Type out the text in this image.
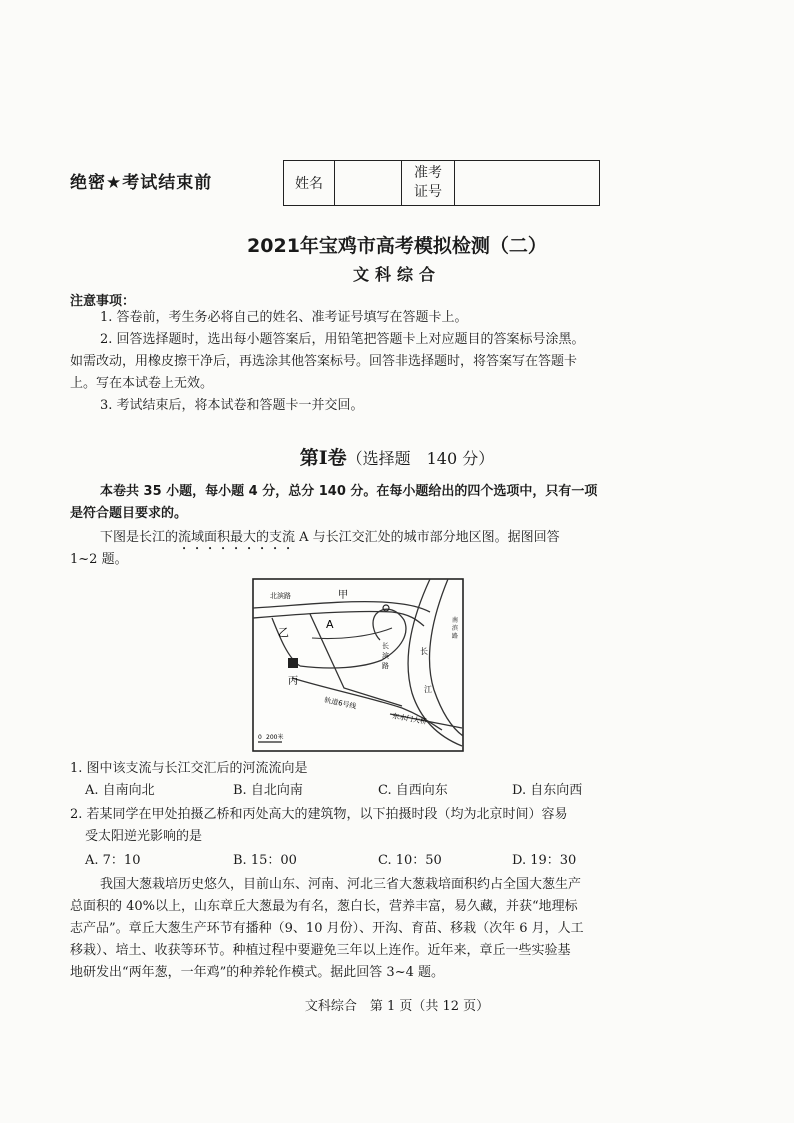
绝密★考试结束前	姓名		准考
证号	
2021年宝鸡市高考模拟检测（二）
文科综合
注意事项：
1. 答卷前，考生务必将自己的姓名、准考证号填写在答题卡上。
2. 回答选择题时，选出每小题答案后，用铅笔把答题卡上对应题目的答案标号涂黑。
如需改动，用橡皮擦干净后，再选涂其他答案标号。回答非选择题时，将答案写在答题卡
上。写在本试卷上无效。
3. 考试结束后，将本试卷和答题卡一并交回。
第Ⅰ卷（选择题　140 分）
本卷共 35 小题，每小题 4 分，总分 140 分。在每小题给出的四个选项中，只有一项
是符合题目要求的。
下图是长江的流域面积最大的支流 A 与长江交汇处的城市部分地区图。据图回答
1~2 题。
北滨路	甲
乙
A
丙
长
滨
路
长
江
南
滨
路
轨道6号线
东水门大桥
0 200米
1. 图中该支流与长江交汇后的河流流向是
A. 自南向北	B. 自北向南	C. 自西向东	D. 自东向西
2. 若某同学在甲处拍摄乙桥和丙处高大的建筑物，以下拍摄时段（均为北京时间）容易
受太阳逆光影响的是
A. 7：10	B. 15：00	C. 10：50	D. 19：30
我国大葱栽培历史悠久，目前山东、河南、河北三省大葱栽培面积约占全国大葱生产
总面积的 40%以上，山东章丘大葱最为有名，葱白长，营养丰富，易久藏，并获“地理标
志产品”。章丘大葱生产环节有播种（9、10 月份）、开沟、育苗、移栽（次年 6 月，人工
移栽）、培土、收获等环节。种植过程中要避免三年以上连作。近年来，章丘一些实验基
地研发出“两年葱，一年鸡”的种养轮作模式。据此回答 3~4 题。
文科综合　第 1 页（共 12 页）
